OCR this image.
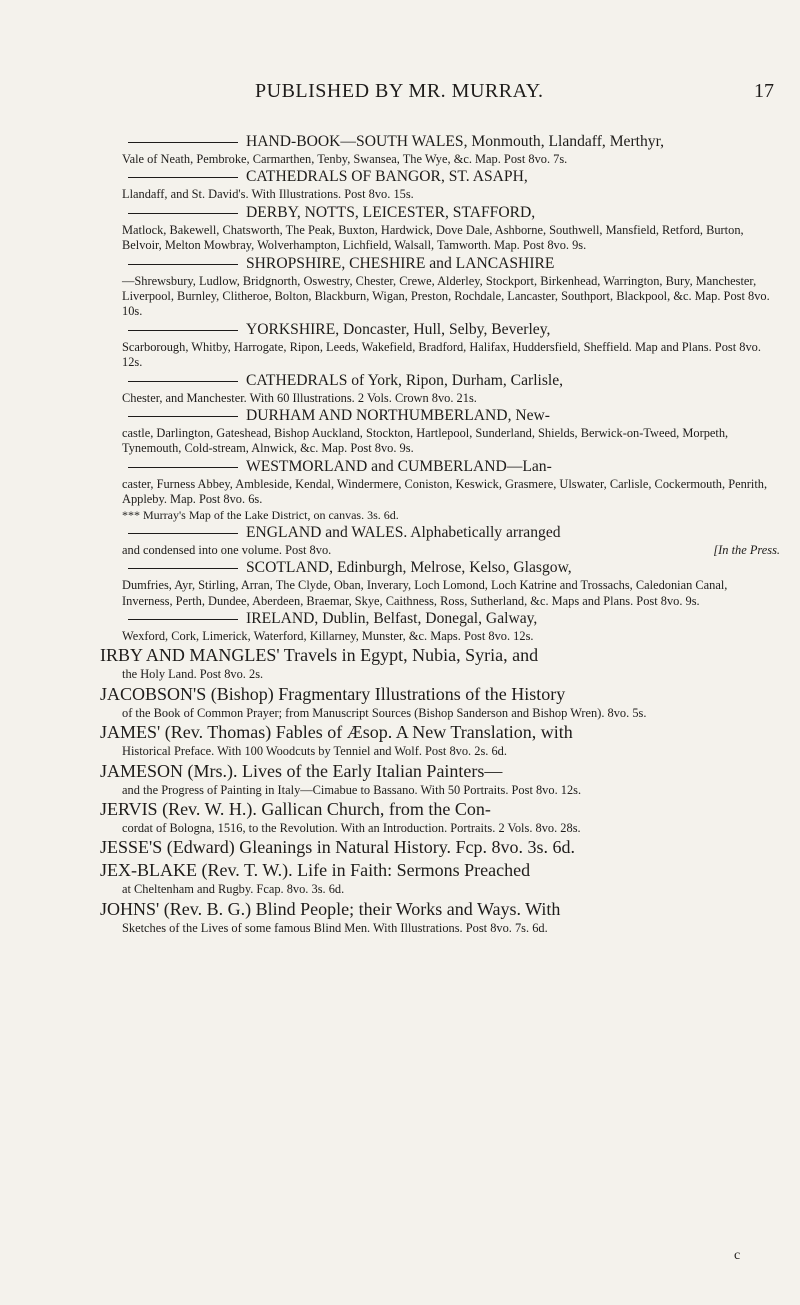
PUBLISHED BY MR. MURRAY.	17
HAND-BOOK—SOUTH WALES, Monmouth, Llandaff, Merthyr,
Vale of Neath, Pembroke, Carmarthen, Tenby, Swansea, The Wye, &c. Map. Post 8vo. 7s.
CATHEDRALS OF BANGOR, ST. ASAPH,
Llandaff, and St. David's. With Illustrations. Post 8vo. 15s.
DERBY, NOTTS, LEICESTER, STAFFORD,
Matlock, Bakewell, Chatsworth, The Peak, Buxton, Hardwick, Dove Dale, Ashborne, Southwell, Mansfield, Retford, Burton, Belvoir, Melton Mowbray, Wolverhampton, Lichfield, Walsall, Tamworth. Map. Post 8vo. 9s.
SHROPSHIRE, CHESHIRE and LANCASHIRE
—Shrewsbury, Ludlow, Bridgnorth, Oswestry, Chester, Crewe, Alderley, Stockport, Birkenhead, Warrington, Bury, Manchester, Liverpool, Burnley, Clitheroe, Bolton, Blackburn, Wigan, Preston, Rochdale, Lancaster, Southport, Blackpool, &c. Map. Post 8vo. 10s.
YORKSHIRE, Doncaster, Hull, Selby, Beverley,
Scarborough, Whitby, Harrogate, Ripon, Leeds, Wakefield, Bradford, Halifax, Huddersfield, Sheffield. Map and Plans. Post 8vo. 12s.
CATHEDRALS of York, Ripon, Durham, Carlisle,
Chester, and Manchester. With 60 Illustrations. 2 Vols. Crown 8vo. 21s.
DURHAM AND NORTHUMBERLAND, New-
castle, Darlington, Gateshead, Bishop Auckland, Stockton, Hartlepool, Sunderland, Shields, Berwick-on-Tweed, Morpeth, Tynemouth, Cold-stream, Alnwick, &c. Map. Post 8vo. 9s.
WESTMORLAND and CUMBERLAND—Lan-
caster, Furness Abbey, Ambleside, Kendal, Windermere, Coniston, Keswick, Grasmere, Ulswater, Carlisle, Cockermouth, Penrith, Appleby. Map. Post 8vo. 6s.
*** Murray's Map of the Lake District, on canvas. 3s. 6d.
ENGLAND and WALES. Alphabetically arranged
and condensed into one volume. Post 8vo.	[In the Press.
SCOTLAND, Edinburgh, Melrose, Kelso, Glasgow,
Dumfries, Ayr, Stirling, Arran, The Clyde, Oban, Inverary, Loch Lomond, Loch Katrine and Trossachs, Caledonian Canal, Inverness, Perth, Dundee, Aberdeen, Braemar, Skye, Caithness, Ross, Sutherland, &c. Maps and Plans. Post 8vo. 9s.
IRELAND, Dublin, Belfast, Donegal, Galway,
Wexford, Cork, Limerick, Waterford, Killarney, Munster, &c. Maps. Post 8vo. 12s.
IRBY AND MANGLES' Travels in Egypt, Nubia, Syria, and
the Holy Land. Post 8vo. 2s.
JACOBSON'S (Bishop) Fragmentary Illustrations of the History
of the Book of Common Prayer; from Manuscript Sources (Bishop Sanderson and Bishop Wren). 8vo. 5s.
JAMES' (Rev. Thomas) Fables of Æsop. A New Translation, with
Historical Preface. With 100 Woodcuts by Tenniel and Wolf. Post 8vo. 2s. 6d.
JAMESON (Mrs.). Lives of the Early Italian Painters—
and the Progress of Painting in Italy—Cimabue to Bassano. With 50 Portraits. Post 8vo. 12s.
JERVIS (Rev. W. H.). Gallican Church, from the Con-
cordat of Bologna, 1516, to the Revolution. With an Introduction. Portraits. 2 Vols. 8vo. 28s.
JESSE'S (Edward) Gleanings in Natural History. Fcp. 8vo. 3s. 6d.
JEX-BLAKE (Rev. T. W.). Life in Faith: Sermons Preached
at Cheltenham and Rugby. Fcap. 8vo. 3s. 6d.
JOHNS' (Rev. B. G.) Blind People; their Works and Ways. With
Sketches of the Lives of some famous Blind Men. With Illustrations. Post 8vo. 7s. 6d.
c
